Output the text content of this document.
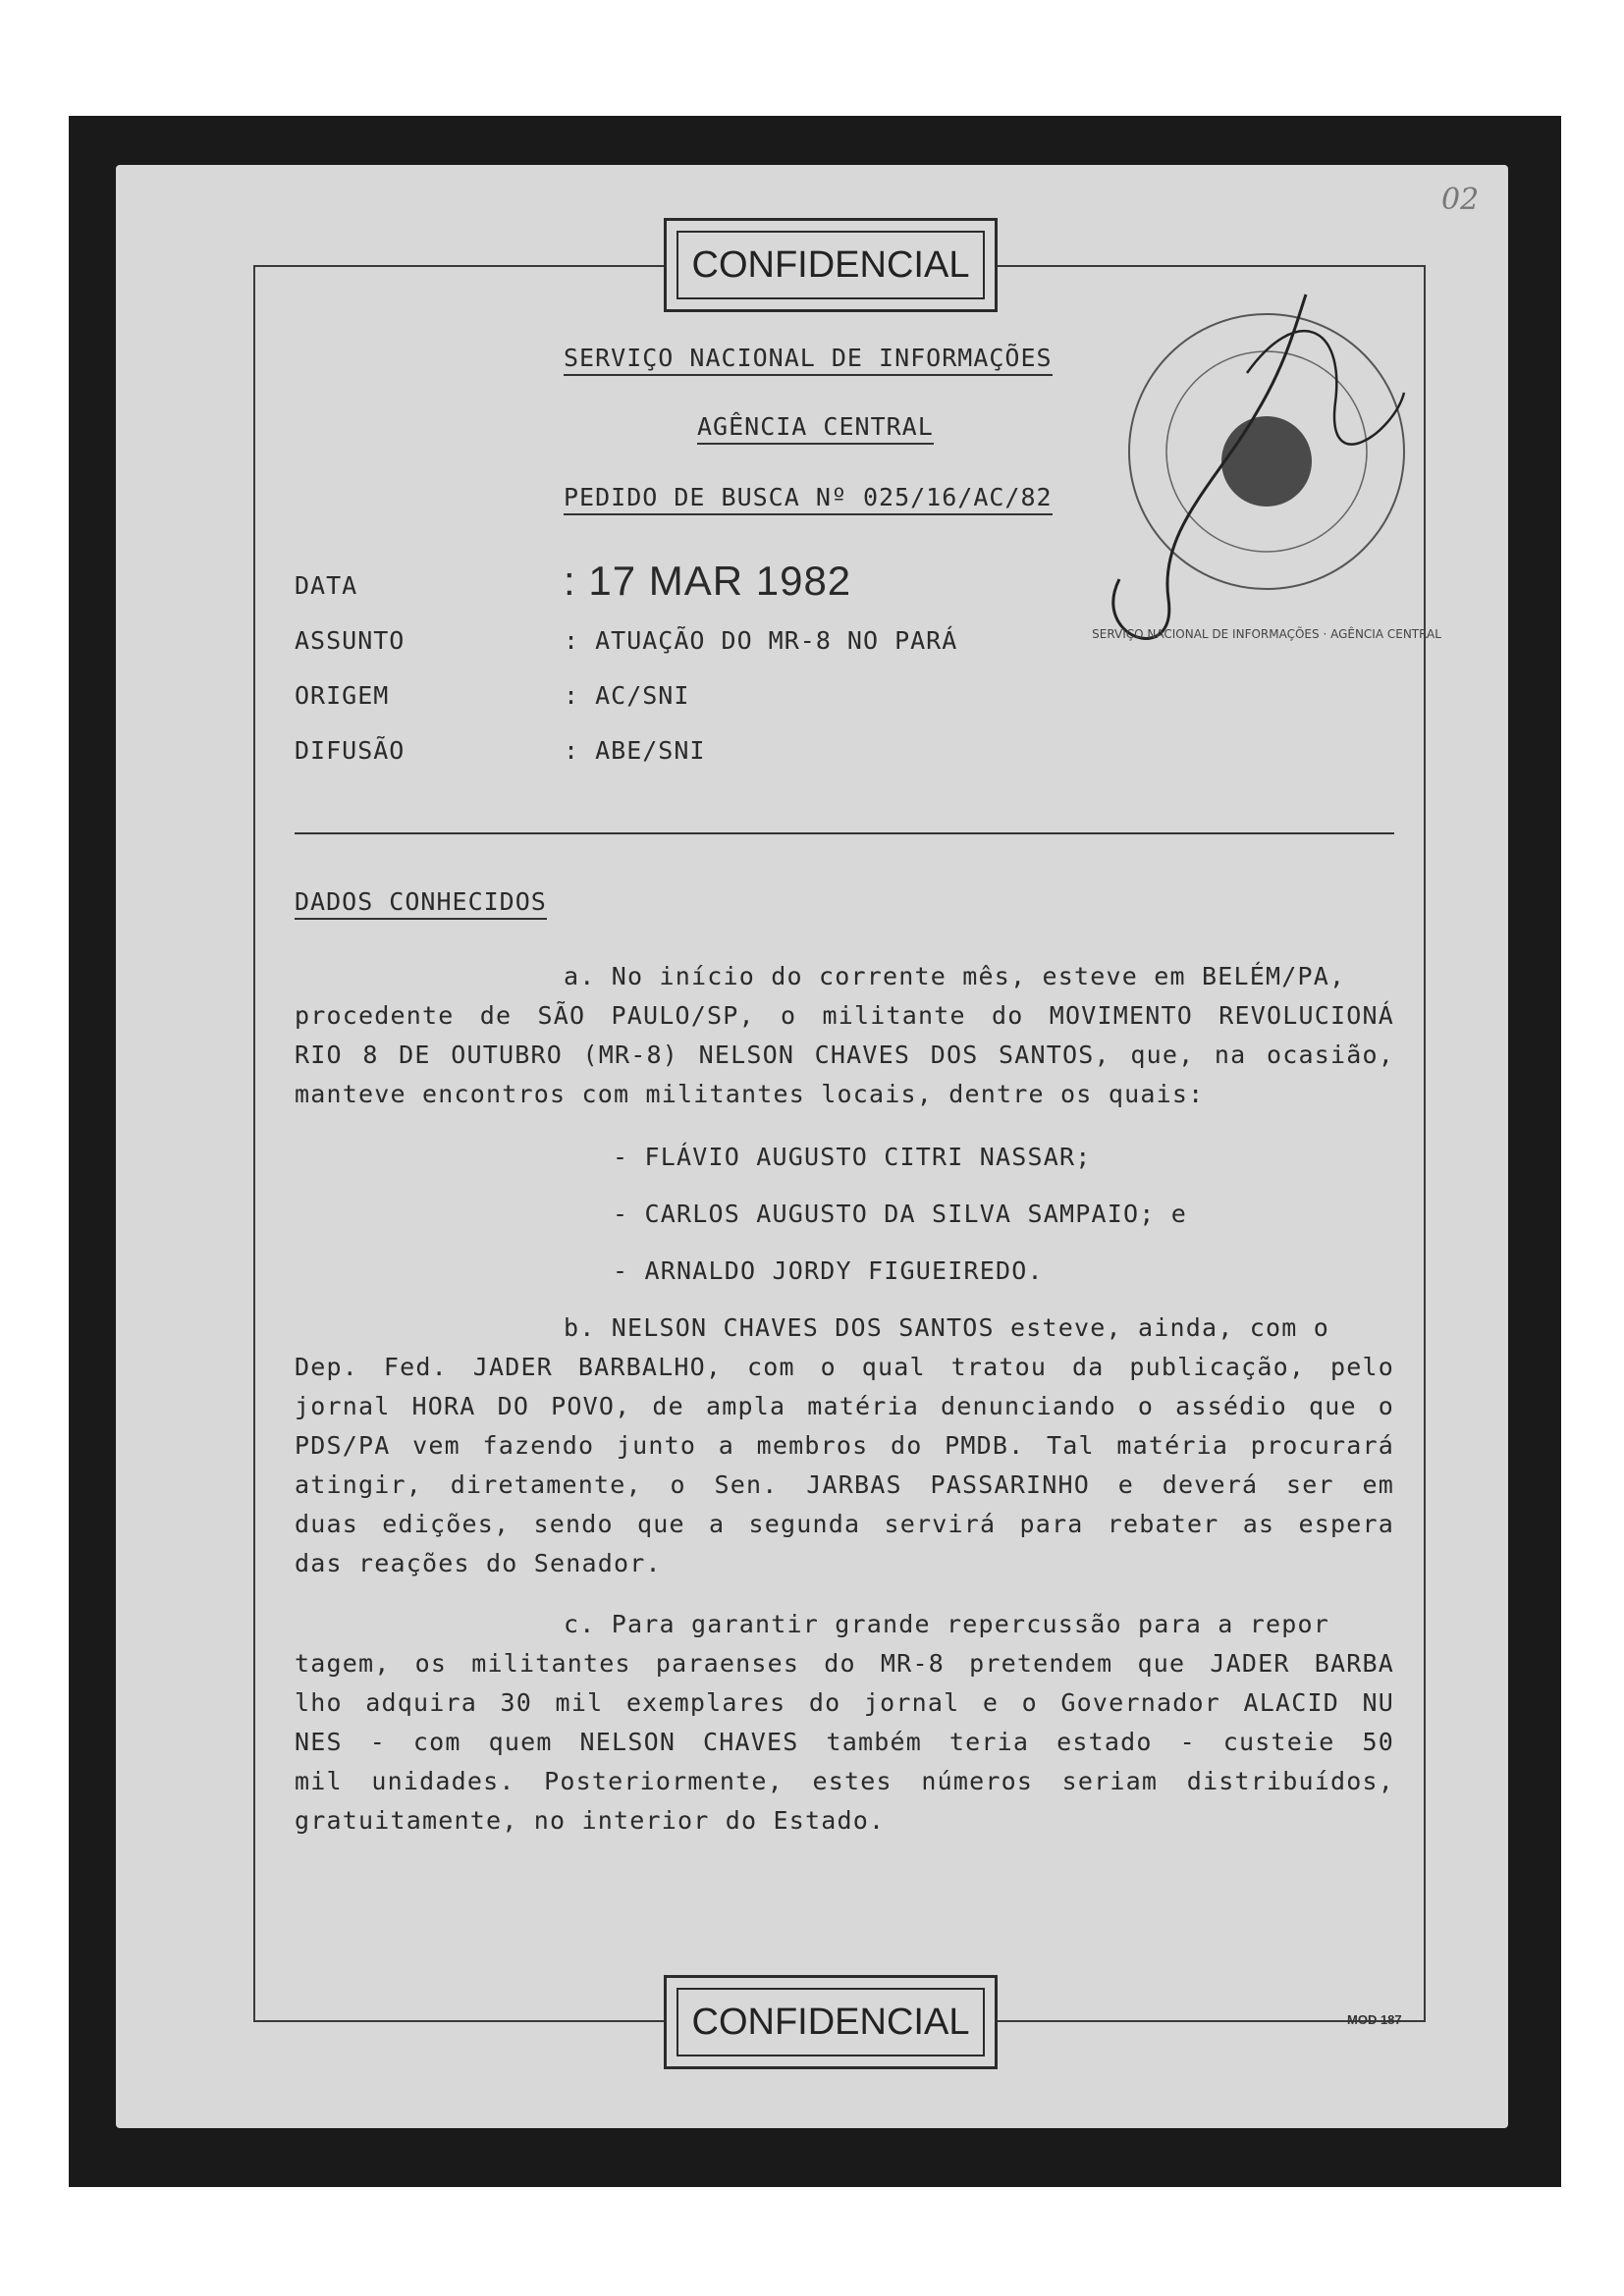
02
CONFIDENCIAL
SERVIÇO NACIONAL DE INFORMAÇÕES
AGÊNCIA CENTRAL
PEDIDO DE BUSCA Nº 025/16/AC/82
SERVIÇO NACIONAL DE INFORMAÇÕES · AGÊNCIA CENTRAL
DATA	: 17 MAR 1982
ASSUNTO	: ATUAÇÃO DO MR-8 NO PARÁ
ORIGEM	: AC/SNI
DIFUSÃO	: ABE/SNI
DADOS CONHECIDOS
a. No início do corrente mês, esteve em BELÉM/PA,
procedente de SÃO PAULO/SP, o militante do MOVIMENTO REVOLUCIONÁ
RIO 8 DE OUTUBRO (MR-8) NELSON CHAVES DOS SANTOS, que, na ocasião,
manteve encontros com militantes locais, dentre os quais:
- FLÁVIO AUGUSTO CITRI NASSAR;
- CARLOS AUGUSTO DA SILVA SAMPAIO; e
- ARNALDO JORDY FIGUEIREDO.
b. NELSON CHAVES DOS SANTOS esteve, ainda, com o
Dep. Fed. JADER BARBALHO, com o qual tratou da publicação, pelo
jornal HORA DO POVO, de ampla matéria denunciando o assédio que o
PDS/PA vem fazendo junto a membros do PMDB. Tal matéria procurará
atingir, diretamente, o Sen. JARBAS PASSARINHO e deverá ser em
duas edições, sendo que a segunda servirá para rebater as espera
das reações do Senador.
c. Para garantir grande repercussão para a repor
tagem, os militantes paraenses do MR-8 pretendem que JADER BARBA
lho adquira 30 mil exemplares do jornal e o Governador ALACID NU
NES - com quem NELSON CHAVES também teria estado - custeie 50
mil unidades. Posteriormente, estes números seriam distribuídos,
gratuitamente, no interior do Estado.
CONFIDENCIAL	MOD 187
